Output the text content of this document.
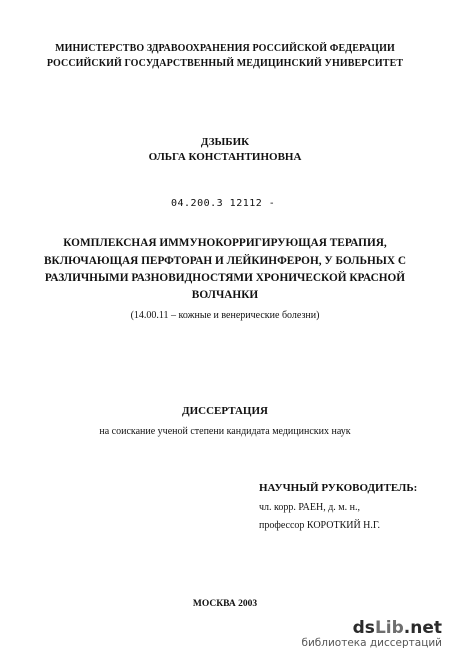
МИНИСТЕРСТВО ЗДРАВООХРАНЕНИЯ РОССИЙСКОЙ ФЕДЕРАЦИИ
РОССИЙСКИЙ ГОСУДАРСТВЕННЫЙ МЕДИЦИНСКИЙ УНИВЕРСИТЕТ
ДЗЫБИК
ОЛЬГА КОНСТАНТИНОВНА
04.200.3 12112 -
КОМПЛЕКСНАЯ ИММУНОКОРРИГИРУЮЩАЯ ТЕРАПИЯ,
ВКЛЮЧАЮЩАЯ ПЕРФТОРАН И ЛЕЙКИНФЕРОН, У БОЛЬНЫХ С
РАЗЛИЧНЫМИ РАЗНОВИДНОСТЯМИ ХРОНИЧЕСКОЙ КРАСНОЙ
ВОЛЧАНКИ
(14.00.11 – кожные и венерические болезни)
ДИССЕРТАЦИЯ
на соискание ученой степени кандидата медицинских наук
НАУЧНЫЙ РУКОВОДИТЕЛЬ:
чл. корр. РАЕН, д. м. н.,
профессор КОРОТКИЙ Н.Г.
МОСКВА 2003
dsLib.net
библиотека диссертаций
